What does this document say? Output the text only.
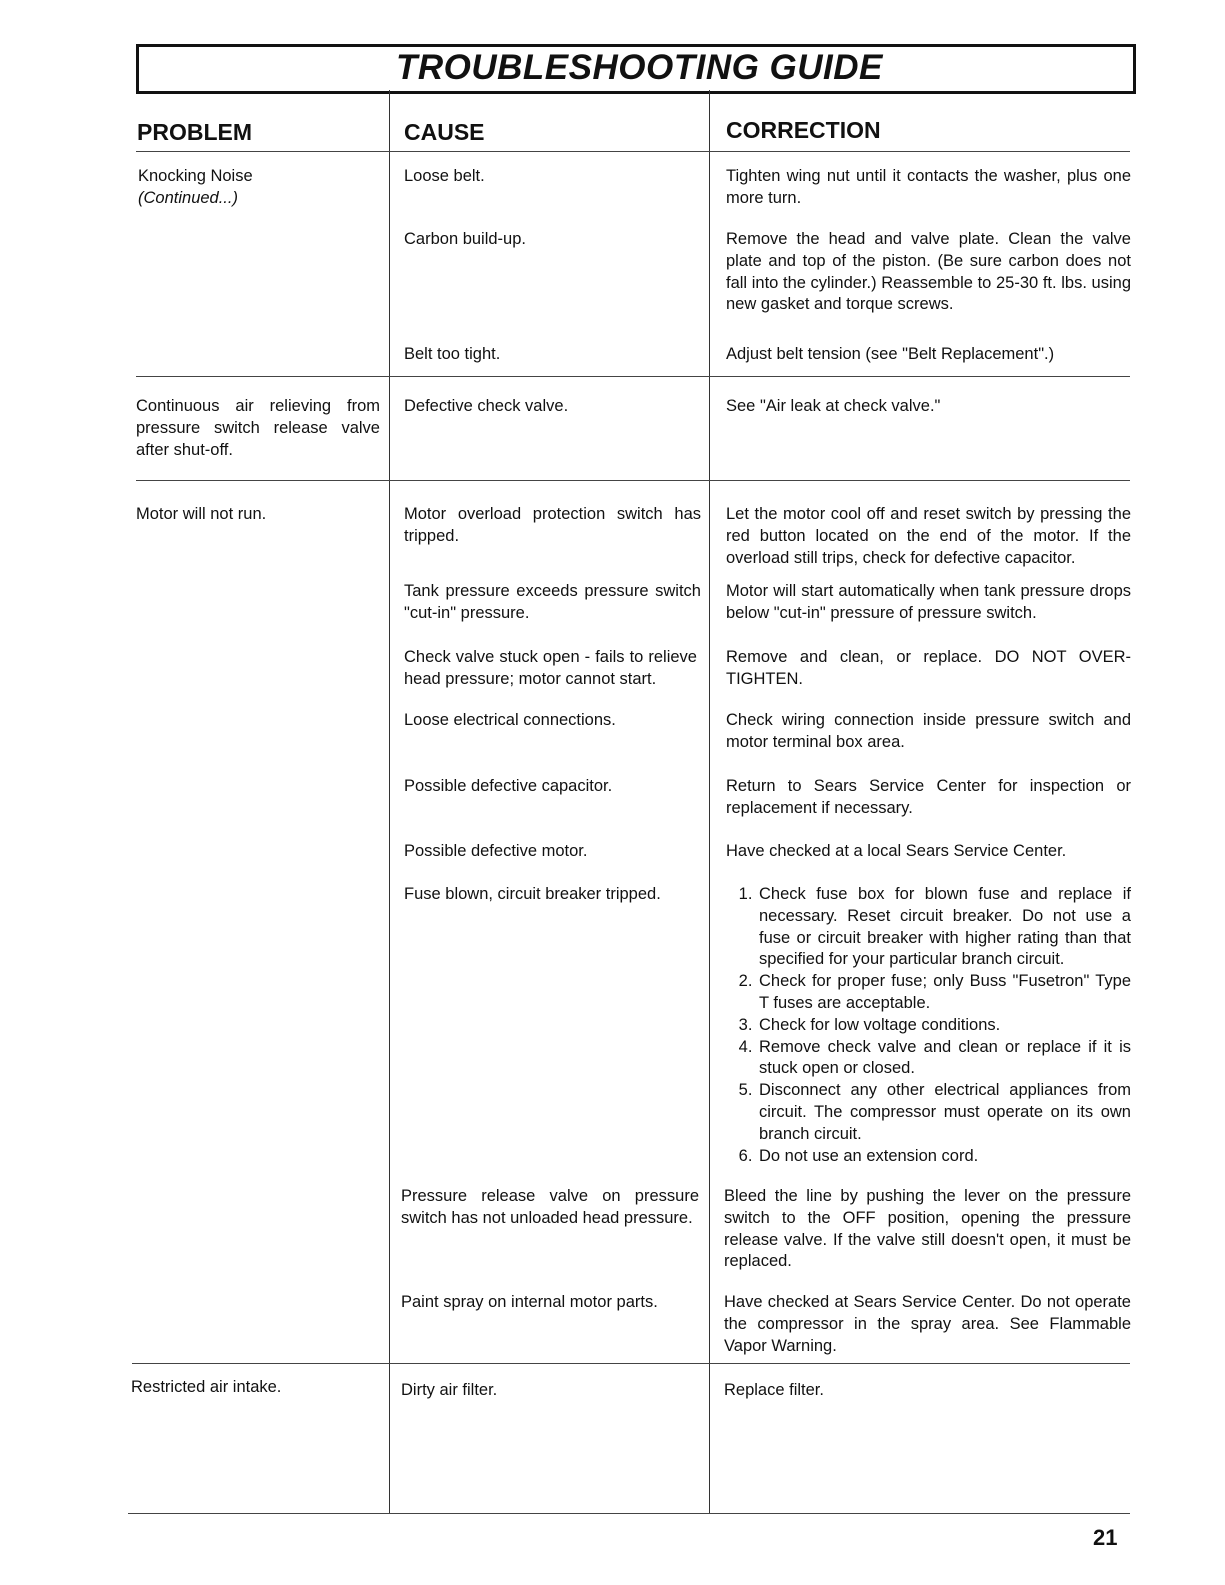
TROUBLESHOOTING GUIDE
PROBLEM	CAUSE	CORRECTION
Knocking Noise
(Continued...)
Loose belt.	Tighten wing nut until it contacts the washer, plus one more turn.
Carbon build-up.	Remove the head and valve plate. Clean the valve plate and top of the piston. (Be sure carbon does not fall into the cylinder.) Reassemble to 25-30 ft. lbs. using new gasket and torque screws.
Belt too tight.	Adjust belt tension (see "Belt Replacement".)
Continuous air relieving from pressure switch release valve after shut-off.
Defective check valve.	See "Air leak at check valve."
Motor will not run.	Motor overload protection switch has tripped.
Let the motor cool off and reset switch by pressing the red button located on the end of the motor. If the overload still trips, check for defective capacitor.
Tank pressure exceeds pressure switch "cut-in" pressure.
Motor will start automatically when tank pressure drops below "cut-in" pressure of pressure switch.
Check valve stuck open - fails to relieve head pressure; motor cannot start.
Remove and clean, or replace. DO NOT OVER-TIGHTEN.
Loose electrical connections.	Check wiring connection inside pressure switch and motor terminal box area.
Possible defective capacitor.	Return to Sears Service Center for inspection or replacement if necessary.
Possible defective motor.	Have checked at a local Sears Service Center.
Fuse blown, circuit breaker tripped.
1.	Check fuse box for blown fuse and replace if necessary. Reset circuit breaker. Do not use a fuse or circuit breaker with higher rating than that specified for your particular branch circuit.
2. Check for proper fuse; only Buss "Fusetron" Type T fuses are acceptable.
3. Check for low voltage conditions.
4. Remove check valve and clean or replace if it is stuck open or closed.
5. Disconnect any other electrical appliances from circuit. The compressor must operate on its own branch circuit.
6. Do not use an extension cord.
Pressure release valve on pressure switch has not unloaded head pressure.
Bleed the line by pushing the lever on the pressure switch to the OFF position, opening the pressure release valve. If the valve still doesn't open, it must be replaced.
Paint spray on internal motor parts.	Have checked at Sears Service Center. Do not operate the compressor in the spray area. See Flammable Vapor Warning.
Restricted air intake.	Dirty air filter.	Replace filter.
21
